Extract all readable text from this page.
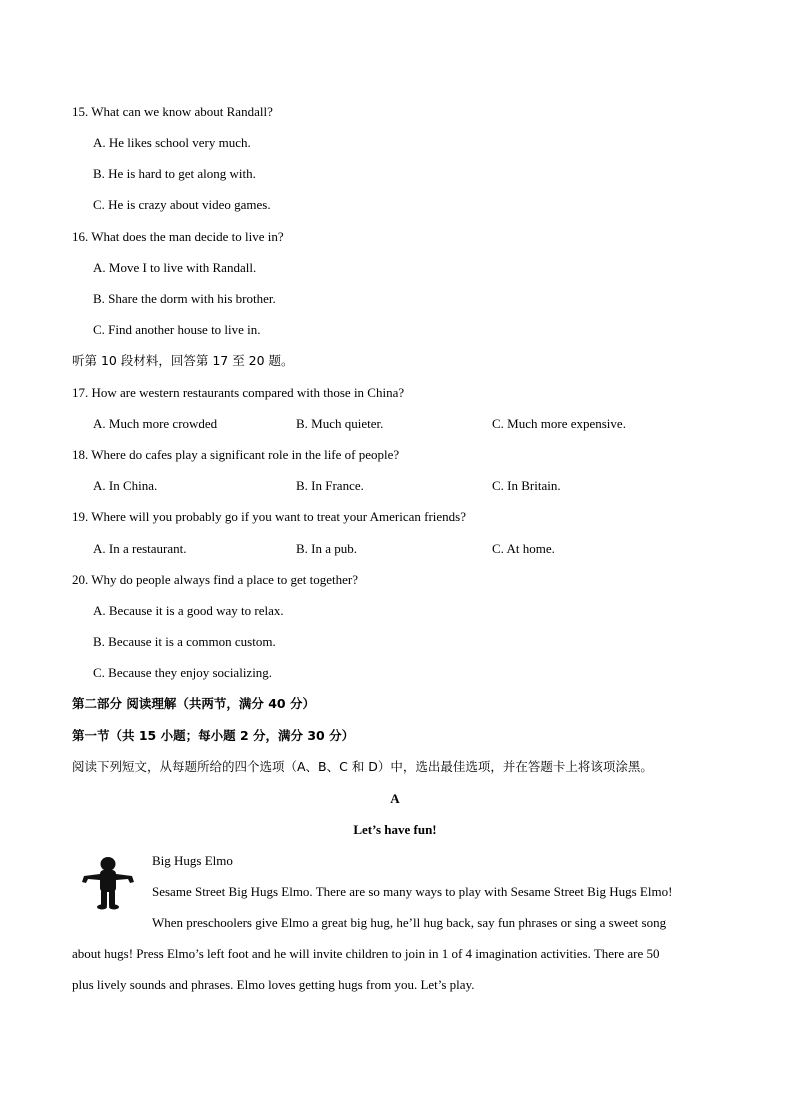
15. What can we know about Randall?
A. He likes school very much.
B. He is hard to get along with.
C. He is crazy about video games.
16. What does the man decide to live in?
A. Move I to live with Randall.
B. Share the dorm with his brother.
C. Find another house to live in.
听第 10 段材料，回答第 17 至 20 题。
17. How are western restaurants compared with those in China?
A. Much more crowded	B. Much quieter.	C. Much more expensive.
18. Where do cafes play a significant role in the life of people?
A. In China.	B. In France.	C. In Britain.
19. Where will you probably go if you want to treat your American friends?
A. In a restaurant.	B. In a pub.	C. At home.
20. Why do people always find a place to get together?
A. Because it is a good way to relax.
B. Because it is a common custom.
C. Because they enjoy socializing.
第二部分 阅读理解（共两节，满分 40 分）
第一节（共 15 小题；每小题 2 分，满分 30 分）
阅读下列短文，从每题所给的四个选项（A、B、C 和 D）中，选出最佳选项，并在答题卡上将该项涂黑。
A
Let’s have fun!
Big Hugs Elmo
Sesame Street Big Hugs Elmo. There are so many ways to play with Sesame Street Big Hugs Elmo!
When preschoolers give Elmo a great big hug, he’ll hug back, say fun phrases or sing a sweet song
about hugs! Press Elmo’s left foot and he will invite children to join in 1 of 4 imagination activities. There are 50
plus lively sounds and phrases. Elmo loves getting hugs from you. Let’s play.
